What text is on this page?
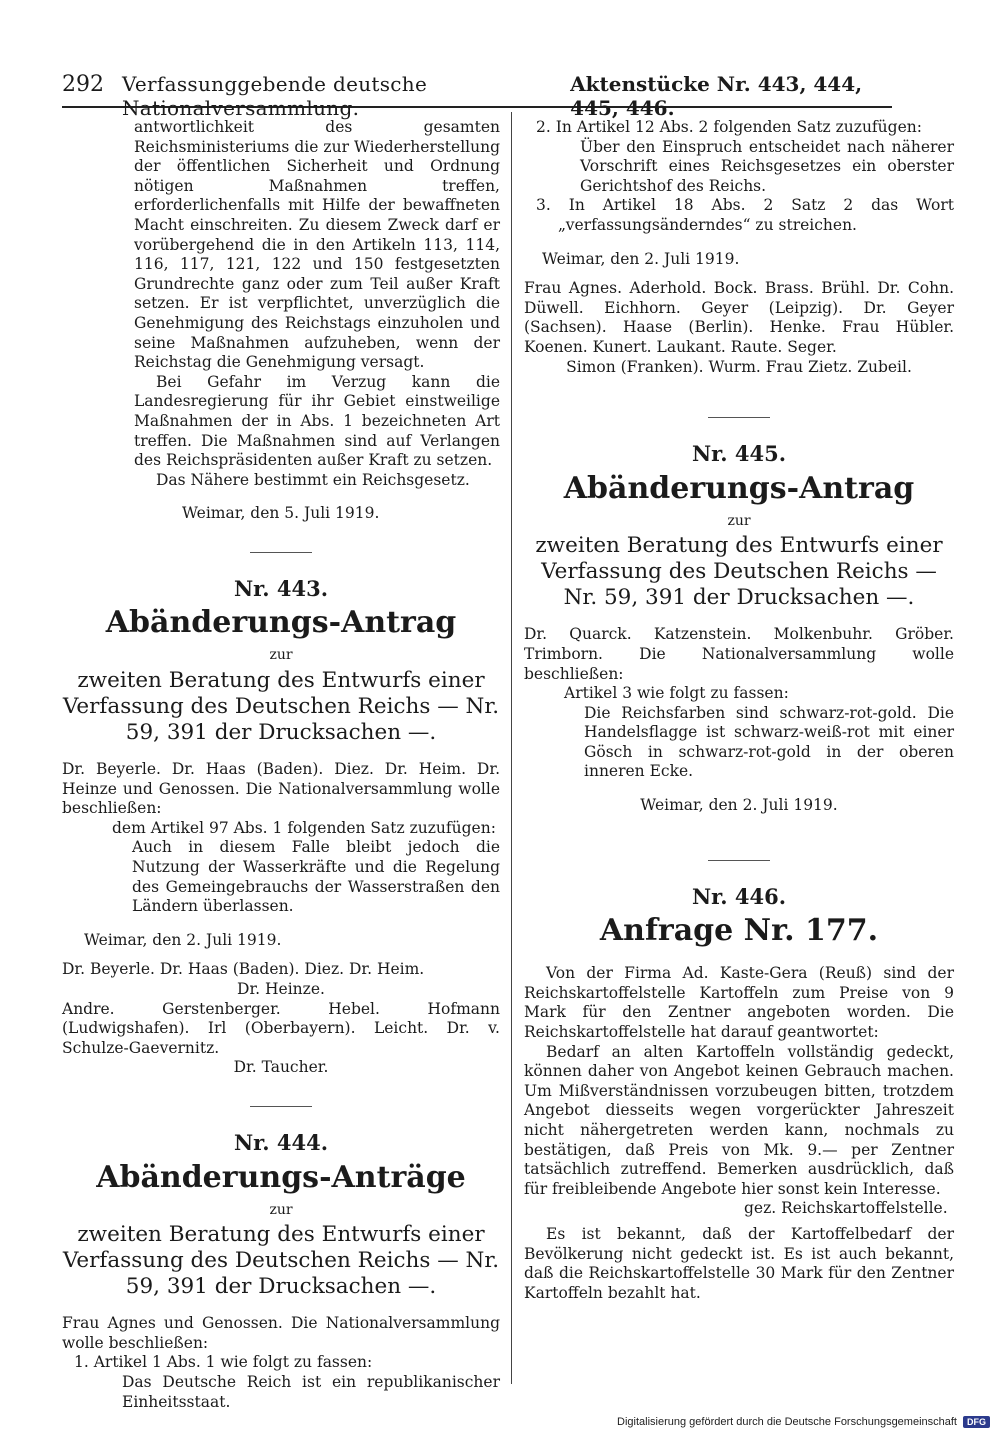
292 Verfassunggebende deutsche Nationalversammlung.
Aktenstücke Nr. 443, 444, 445, 446.

antwortlichkeit des gesamten Reichsministeriums die zur Wiederherstellung der öffentlichen Sicherheit und Ordnung nötigen Maßnahmen treffen, erforderlichenfalls mit Hilfe der bewaffneten Macht einschreiten. Zu diesem Zweck darf er vorübergehend die in den Artikeln 113, 114, 116, 117, 121, 122 und 150 festgesetzten Grundrechte ganz oder zum Teil außer Kraft setzen. Er ist verpflichtet, unverzüglich die Genehmigung des Reichstags einzuholen und seine Maßnahmen aufzuheben, wenn der Reichstag die Genehmigung versagt.

Bei Gefahr im Verzug kann die Landesregierung für ihr Gebiet einstweilige Maßnahmen der in Abs. 1 bezeichneten Art treffen. Die Maßnahmen sind auf Verlangen des Reichspräsidenten außer Kraft zu setzen.

Das Nähere bestimmt ein Reichsgesetz.

Weimar, den 5. Juli 1919.

Nr. 443.
Abänderungs-Antrag
zur
zweiten Beratung des Entwurfs einer Verfassung des Deutschen Reichs — Nr. 59, 391 der Drucksachen —.

Dr. Beyerle. Dr. Haas (Baden). Diez. Dr. Heim. Dr. Heinze und Genossen. Die Nationalversammlung wolle beschließen:

dem Artikel 97 Abs. 1 folgenden Satz zuzufügen:

Auch in diesem Falle bleibt jedoch die Nutzung der Wasserkräfte und die Regelung des Gemeingebrauchs der Wasserstraßen den Ländern überlassen.

Weimar, den 2. Juli 1919.

Dr. Beyerle. Dr. Haas (Baden). Diez. Dr. Heim.

Dr. Heinze.

Andre. Gerstenberger. Hebel. Hofmann (Ludwigshafen). Irl (Oberbayern). Leicht. Dr. v. Schulze-Gaevernitz.

Dr. Taucher.

Nr. 444.
Abänderungs-Anträge
zur
zweiten Beratung des Entwurfs einer Verfassung des Deutschen Reichs — Nr. 59, 391 der Drucksachen —.

Frau Agnes und Genossen. Die Nationalversammlung wolle beschließen:

1. Artikel 1 Abs. 1 wie folgt zu fassen:

Das Deutsche Reich ist ein republikanischer Einheitsstaat.

2. In Artikel 12 Abs. 2 folgenden Satz zuzufügen:

Über den Einspruch entscheidet nach näherer Vorschrift eines Reichsgesetzes ein oberster Gerichtshof des Reichs.

3. In Artikel 18 Abs. 2 Satz 2 das Wort „verfassungsänderndes“ zu streichen.

Weimar, den 2. Juli 1919.

Frau Agnes. Aderhold. Bock. Brass. Brühl. Dr. Cohn. Düwell. Eichhorn. Geyer (Leipzig). Dr. Geyer (Sachsen). Haase (Berlin). Henke. Frau Hübler. Koenen. Kunert. Laukant. Raute. Seger.

Simon (Franken). Wurm. Frau Zietz. Zubeil.

Nr. 445.
Abänderungs-Antrag
zur
zweiten Beratung des Entwurfs einer Verfassung des Deutschen Reichs — Nr. 59, 391 der Drucksachen —.

Dr. Quarck. Katzenstein. Molkenbuhr. Gröber. Trimborn. Die Nationalversammlung wolle beschließen:

Artikel 3 wie folgt zu fassen:

Die Reichsfarben sind schwarz-rot-gold. Die Handelsflagge ist schwarz-weiß-rot mit einer Gösch in schwarz-rot-gold in der oberen inneren Ecke.

Weimar, den 2. Juli 1919.

Nr. 446.
Anfrage Nr. 177.

Von der Firma Ad. Kaste-Gera (Reuß) sind der Reichskartoffelstelle Kartoffeln zum Preise von 9 Mark für den Zentner angeboten worden. Die Reichskartoffelstelle hat darauf geantwortet:

Bedarf an alten Kartoffeln vollständig gedeckt, können daher von Angebot keinen Gebrauch machen. Um Mißverständnissen vorzubeugen bitten, trotzdem Angebot diesseits wegen vorgerückter Jahreszeit nicht nähergetreten werden kann, nochmals zu bestätigen, daß Preis von Mk. 9.— per Zentner tatsächlich zutreffend. Bemerken ausdrücklich, daß für freibleibende Angebote hier sonst kein Interesse.

gez. Reichskartoffelstelle.

Es ist bekannt, daß der Kartoffelbedarf der Bevölkerung nicht gedeckt ist. Es ist auch bekannt, daß die Reichskartoffelstelle 30 Mark für den Zentner Kartoffeln bezahlt hat.

Digitalisierung gefördert durch die Deutsche Forschungsgemeinschaft	DFG
